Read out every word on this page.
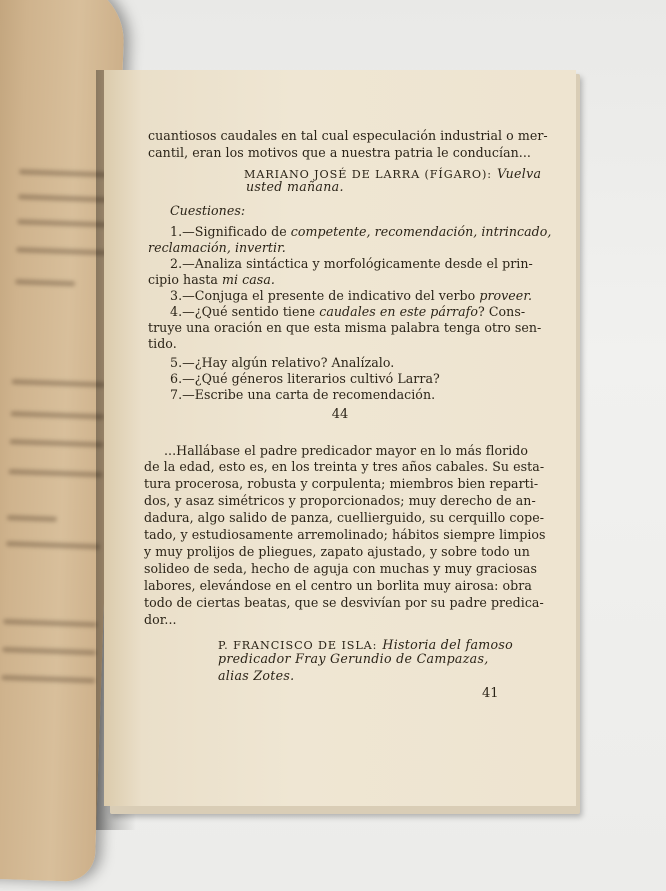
cuantiosos caudales en tal cual especulación industrial o mer-
cantil, eran los motivos que a nuestra patria le conducían...
MARIANO JOSÉ DE LARRA (FÍGARO): Vuelva
usted mañana.
Cuestiones:
1.—Significado de competente, recomendación, intrincado,
reclamación, invertir.
2.—Analiza sintáctica y morfológicamente desde el prin-
cipio hasta mi casa.
3.—Conjuga el presente de indicativo del verbo proveer.
4.—¿Qué sentido tiene caudales en este párrafo? Cons-
truye una oración en que esta misma palabra tenga otro sen-
tido.
5.—¿Hay algún relativo? Analízalo.
6.—¿Qué géneros literarios cultivó Larra?
7.—Escribe una carta de recomendación.
44
...Hallábase el padre predicador mayor en lo más florido
de la edad, esto es, en los treinta y tres años cabales. Su esta-
tura procerosa, robusta y corpulenta; miembros bien reparti-
dos, y asaz simétricos y proporcionados; muy derecho de an-
dadura, algo salido de panza, cuellierguido, su cerquillo copе-
tado, y estudiosamente arremolinado; hábitos siempre limpios
y muy prolijos de pliegues, zapato ajustado, y sobre todo un
solideo de seda, hecho de aguja con muchas y muy graciosas
labores, elevándose en el centro un borlita muy airosa: obra
todo de ciertas beatas, que se desvivían por su padre predica-
dor...
P. FRANCISCO DE ISLA: Historia del famoso
predicador Fray Gerundio de Campazas,
alias Zotes.
41
